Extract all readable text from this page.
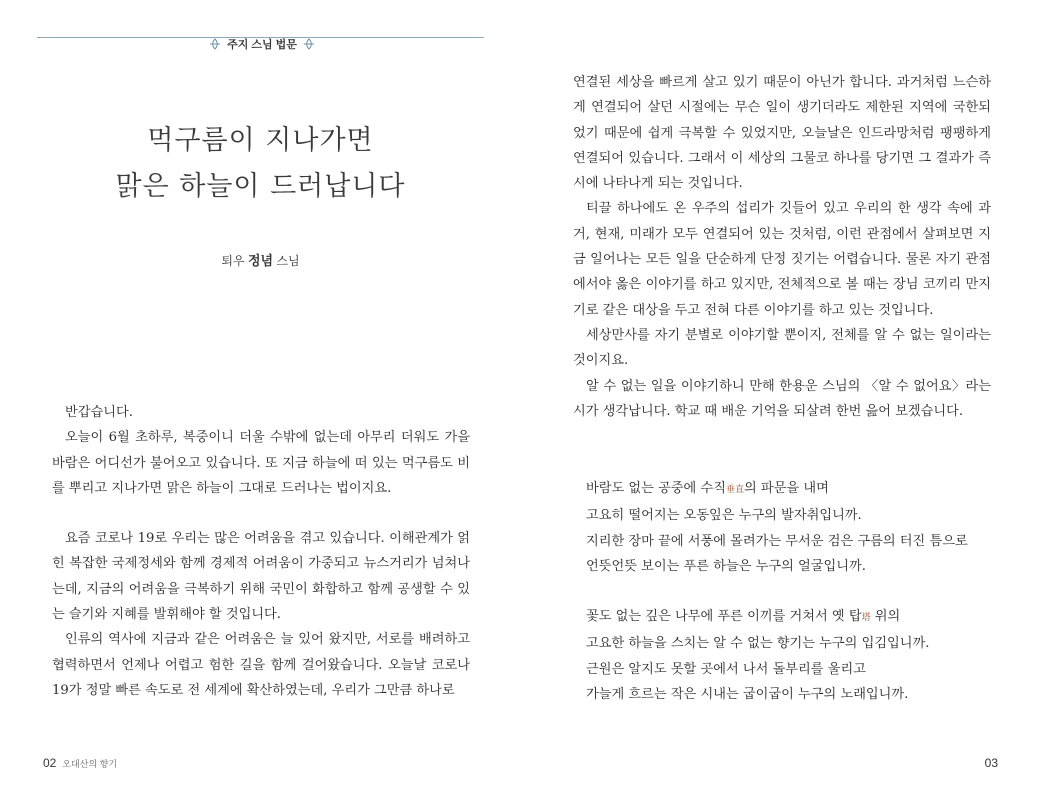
주지 스님 법문
먹구름이 지나가면
맑은 하늘이 드러납니다
퇴우 정념 스님

반갑습니다.

오늘이 6월 초하루, 복중이니 더울 수밖에 없는데 아무리 더워도 가을바람은 어디선가 불어오고 있습니다. 또 지금 하늘에 떠 있는 먹구름도 비를 뿌리고 지나가면 맑은 하늘이 그대로 드러나는 법이지요.

요즘 코로나 19로 우리는 많은 어려움을 겪고 있습니다. 이해관계가 얽힌 복잡한 국제정세와 함께 경제적 어려움이 가중되고 뉴스거리가 넘쳐나는데, 지금의 어려움을 극복하기 위해 국민이 화합하고 함께 공생할 수 있는 슬기와 지혜를 발휘해야 할 것입니다.

인류의 역사에 지금과 같은 어려움은 늘 있어 왔지만, 서로를 배려하고 협력하면서 언제나 어렵고 험한 길을 함께 걸어왔습니다. 오늘날 코로나 19가 정말 빠른 속도로 전 세계에 확산하였는데, 우리가 그만큼 하나로

02 오대산의 향기

연결된 세상을 빠르게 살고 있기 때문이 아닌가 합니다. 과거처럼 느슨하게 연결되어 살던 시절에는 무슨 일이 생기더라도 제한된 지역에 국한되었기 때문에 쉽게 극복할 수 있었지만, 오늘날은 인드라망처럼 팽팽하게 연결되어 있습니다. 그래서 이 세상의 그물코 하나를 당기면 그 결과가 즉시에 나타나게 되는 것입니다.

티끌 하나에도 온 우주의 섭리가 깃들어 있고 우리의 한 생각 속에 과거, 현재, 미래가 모두 연결되어 있는 것처럼, 이런 관점에서 살펴보면 지금 일어나는 모든 일을 단순하게 단정 짓기는 어렵습니다. 물론 자기 관점에서야 옳은 이야기를 하고 있지만, 전체적으로 볼 때는 장님 코끼리 만지기로 같은 대상을 두고 전혀 다른 이야기를 하고 있는 것입니다.

세상만사를 자기 분별로 이야기할 뿐이지, 전체를 알 수 없는 일이라는 것이지요.

알 수 없는 일을 이야기하니 만해 한용운 스님의 〈알 수 없어요〉라는 시가 생각납니다. 학교 때 배운 기억을 되살려 한번 읊어 보겠습니다.

바람도 없는 공중에 수직垂直의 파문을 내며
고요히 떨어지는 오동잎은 누구의 발자취입니까.
지리한 장마 끝에 서풍에 몰려가는 무서운 검은 구름의 터진 틈으로
언뜻언뜻 보이는 푸른 하늘은 누구의 얼굴입니까.
꽃도 없는 깊은 나무에 푸른 이끼를 거쳐서 옛 탑塔 위의
고요한 하늘을 스치는 알 수 없는 향기는 누구의 입김입니까.
근원은 알지도 못할 곳에서 나서 돌부리를 울리고
가늘게 흐르는 작은 시내는 굽이굽이 누구의 노래입니까.
03
